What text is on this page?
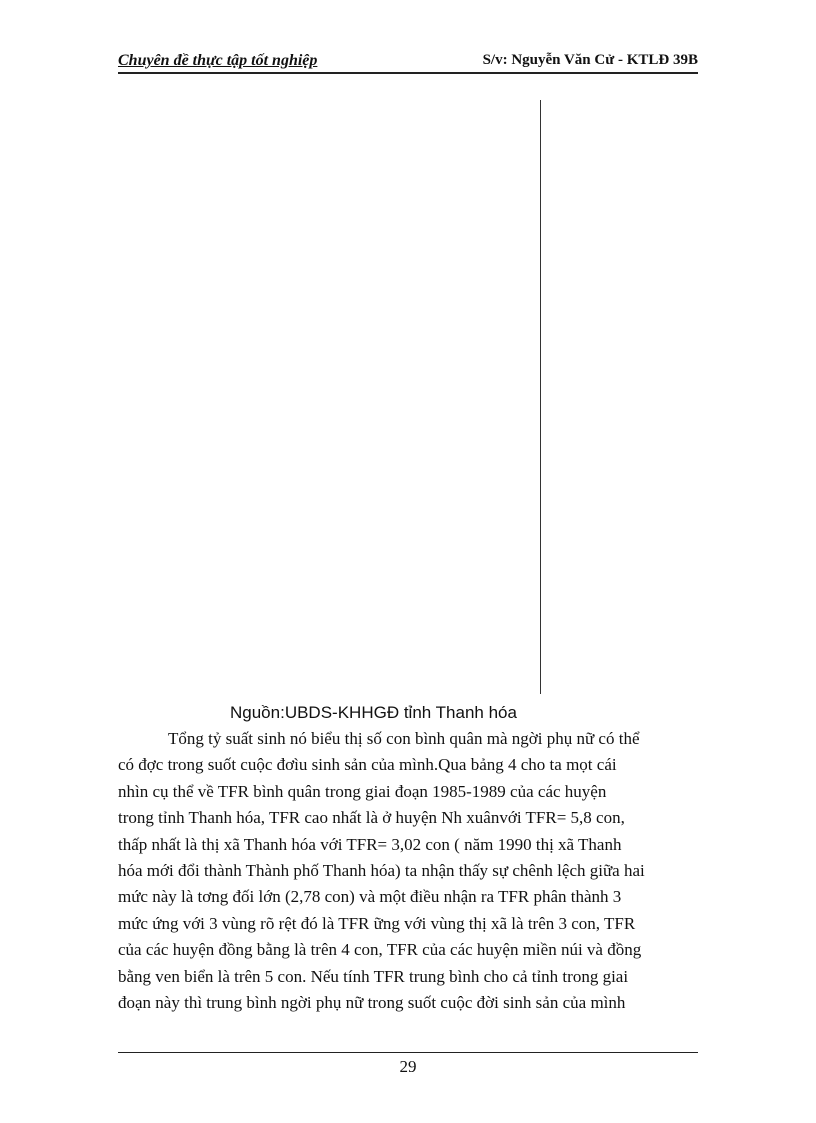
Chuyên đề thực tập tốt nghiệp	S/v: Nguyễn Văn Cử - KTLĐ 39B
Nguồn:UBDS-KHHGĐ tỉnh Thanh hóa
Tổng tỷ suất sinh nó biểu thị số con bình quân mà ngời phụ nữ có thể
có đợc trong suốt cuộc đơìu sinh sản của mình.Qua bảng 4 cho ta mọt cái
nhìn cụ thể về TFR bình quân trong giai đoạn 1985-1989 của các huyện
trong tỉnh Thanh hóa, TFR cao nhất là ở huyện Nh xuânvới TFR= 5,8 con,
thấp nhất là thị xã Thanh hóa với TFR= 3,02 con ( năm 1990 thị xã Thanh
hóa mới đổi thành Thành phố Thanh hóa) ta nhận thấy sự chênh lệch giữa hai
mức này là tơng đối lớn (2,78 con) và một điều nhận ra TFR phân thành 3
mức ứng với 3 vùng rõ rệt đó là TFR ững với vùng thị xã là trên 3 con, TFR
của các huyện đồng bằng là trên 4 con, TFR của các huyện miền núi và đồng
bằng ven biển là trên 5 con. Nếu tính TFR trung bình cho cả tỉnh trong giai
đoạn này thì trung bình ngời phụ nữ trong suốt cuộc đời sinh sản của mình
29
